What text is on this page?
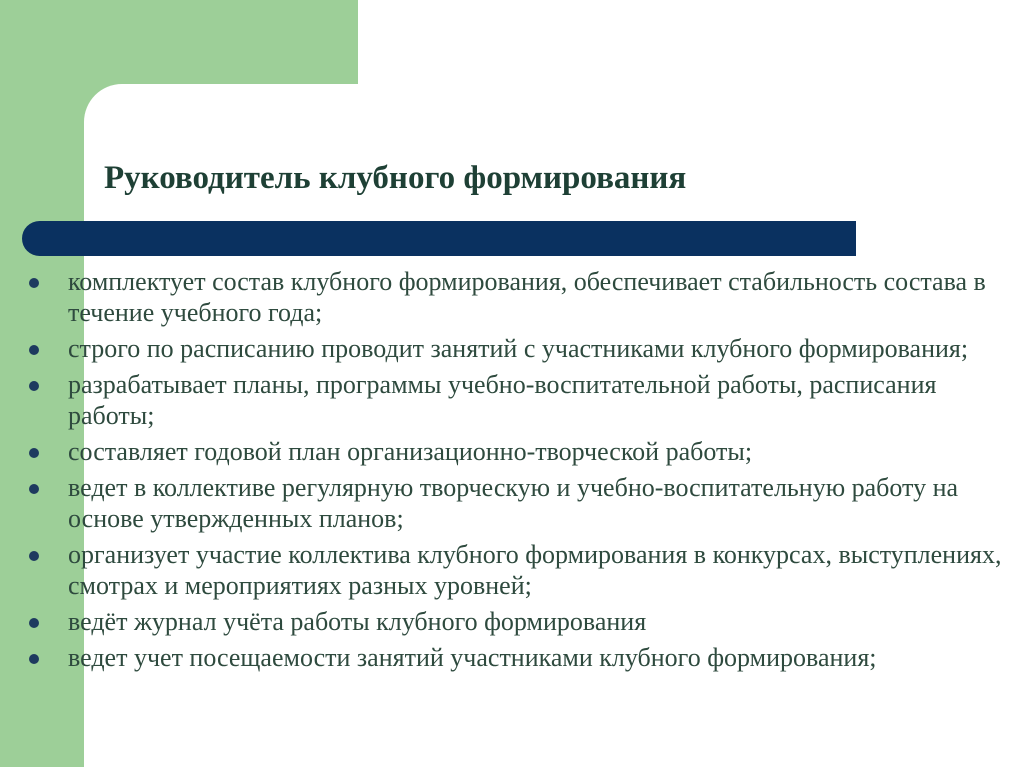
Руководитель клубного формирования
комплектует состав клубного формирования, обеспечивает стабильность состава в течение учебного года;
строго по расписанию проводит занятий с участниками клубного формирования;
разрабатывает планы, программы учебно-воспитательной работы, расписания работы;
составляет годовой план организационно-творческой работы;
ведет в коллективе регулярную творческую и учебно-воспитательную работу на основе утвержденных планов;
организует участие коллектива клубного формирования в конкурсах, выступлениях, смотрах и мероприятиях разных уровней;
ведёт журнал учёта работы клубного формирования
ведет учет посещаемости занятий участниками клубного формирования;
